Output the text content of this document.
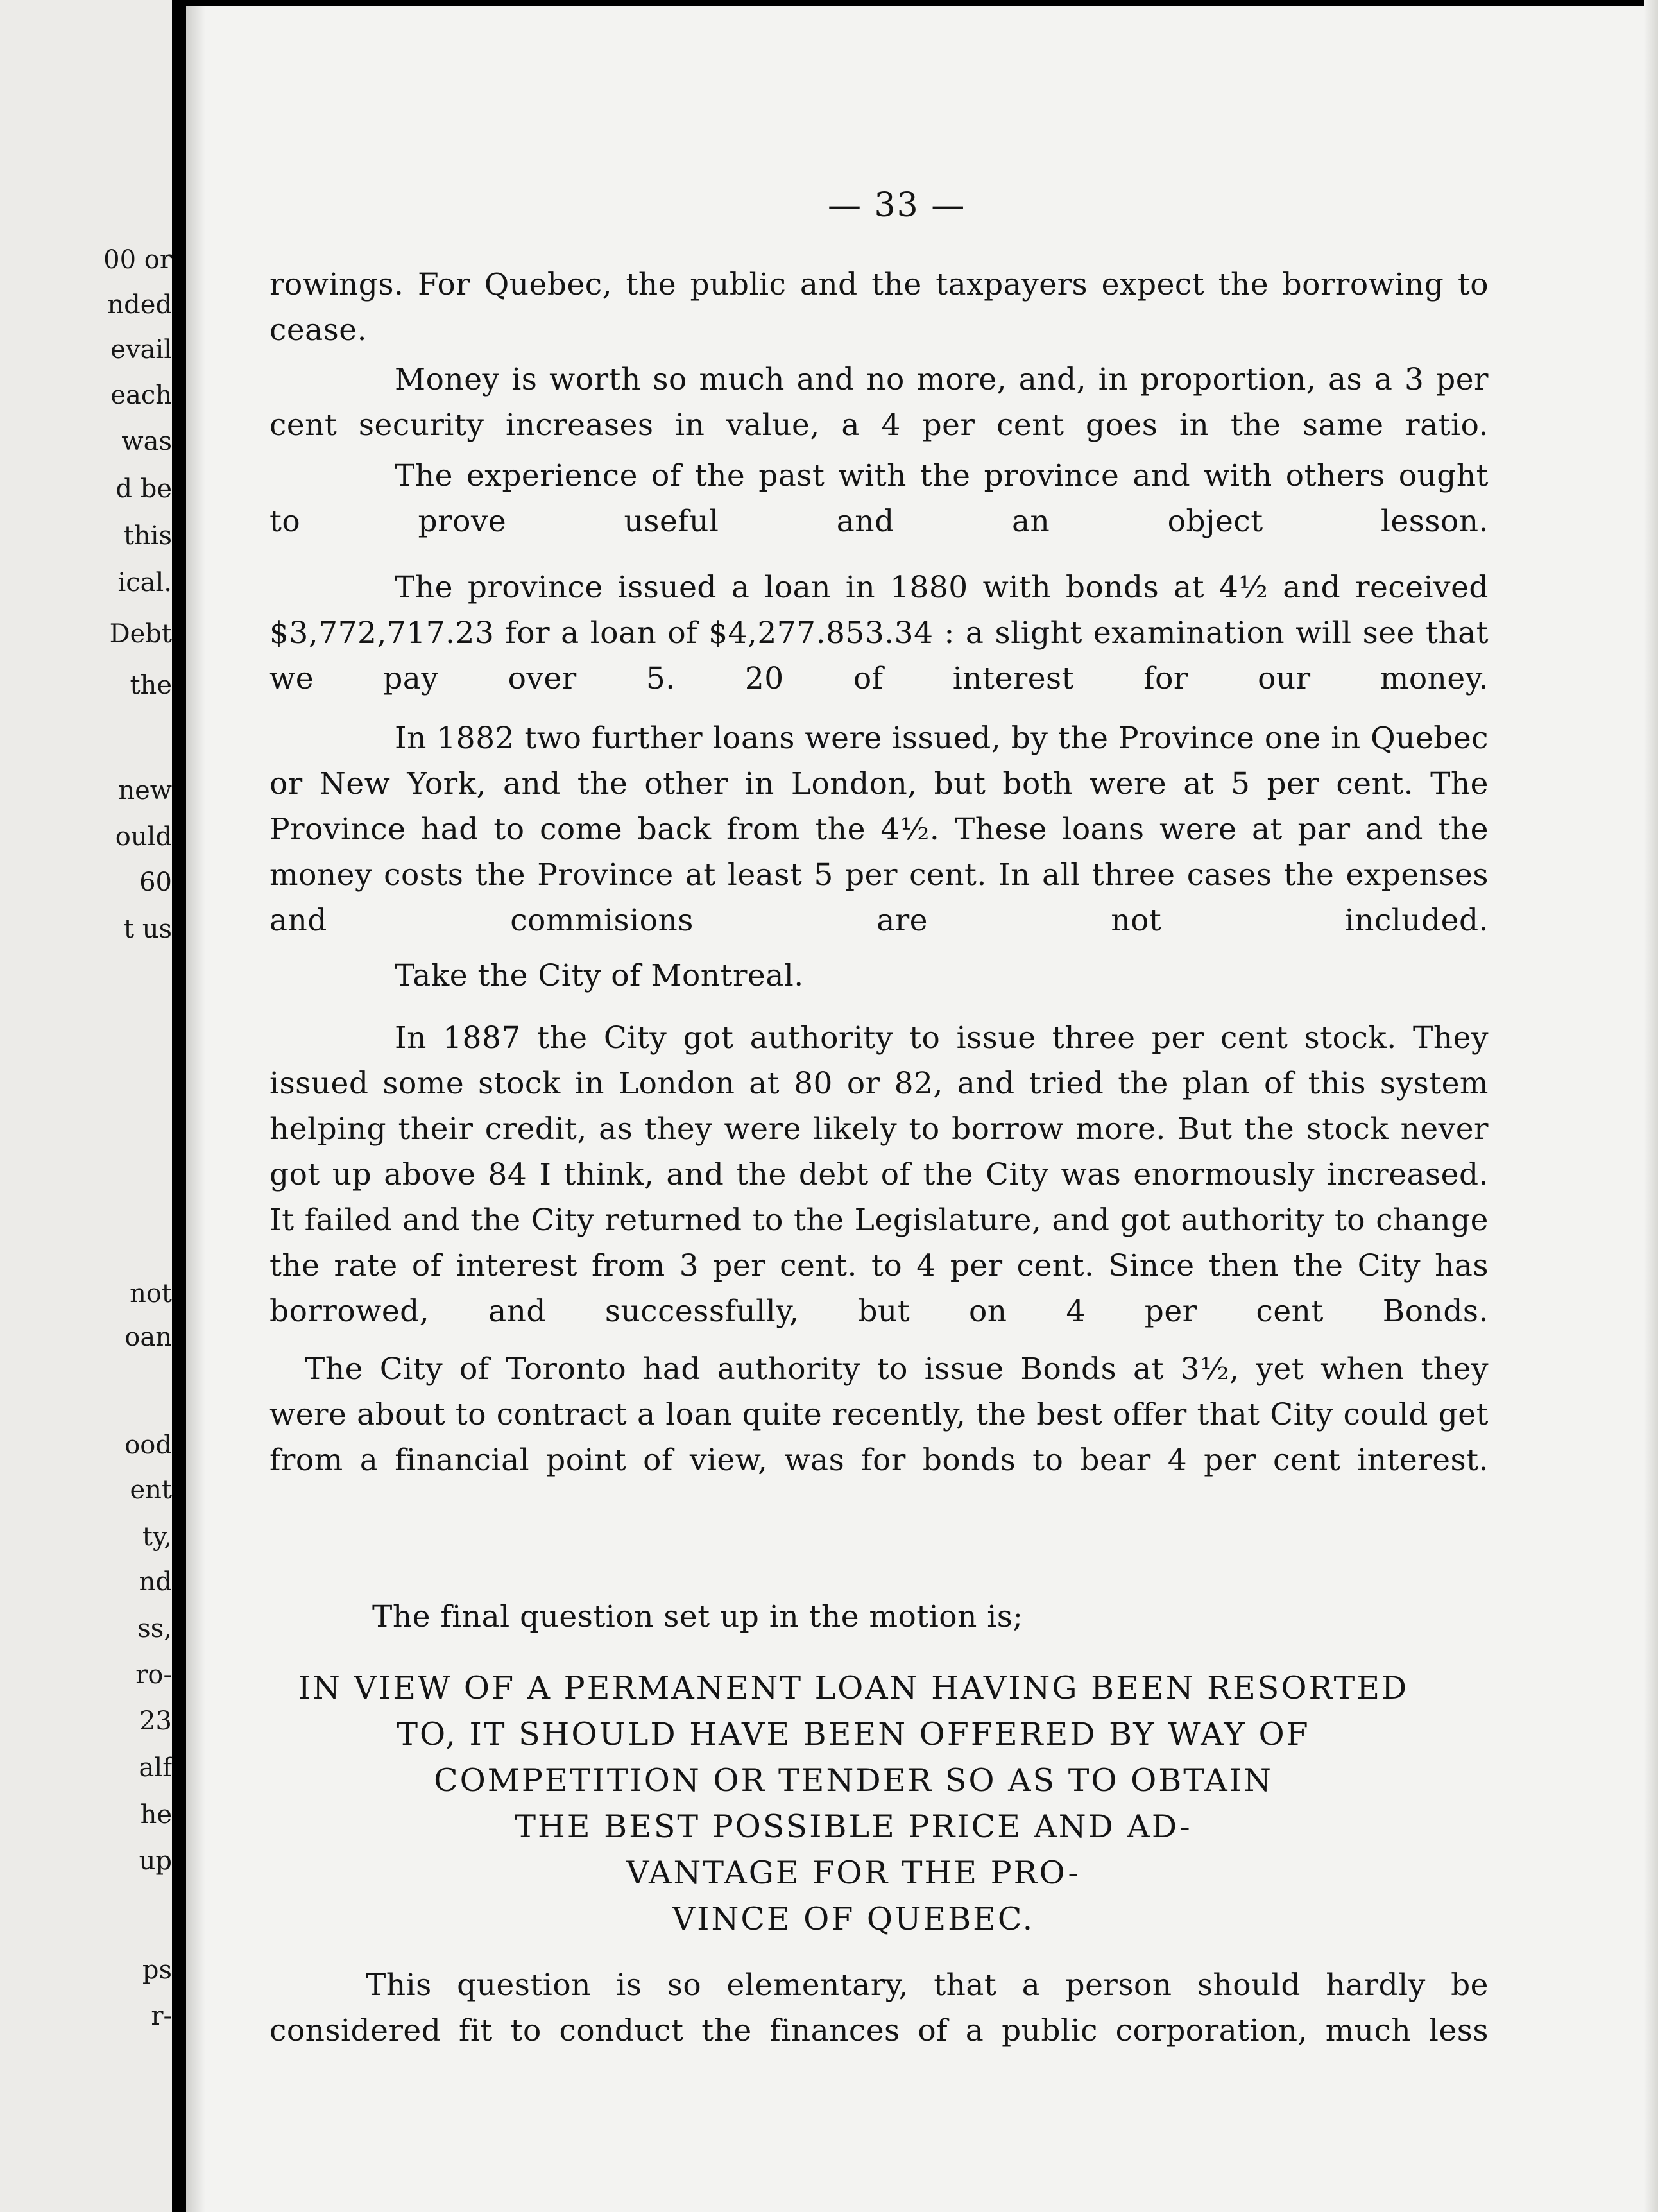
00 or
nded
evail
each
was
d be
this
ical.
Debt
the
new
ould
60
t us
not
oan
ood
ent
ty,
nd
ss,
ro-
23
alf
he
up
ps
r-
— 33 —

rowings. For Quebec, the public and the taxpayers expect the borrowing to cease.

Money is worth so much and no more, and, in proportion, as a 3 per cent security increases in value, a 4 per cent goes in the same ratio.

The experience of the past with the province and with others ought to prove useful and an object lesson.

The province issued a loan in 1880 with bonds at 4½ and received $3,772,717.23 for a loan of $4,277.853.34 : a slight examination will see that we pay over 5. 20 of interest for our money.

In 1882 two further loans were issued, by the Province one in Quebec or New York, and the other in London, but both were at 5 per cent. The Province had to come back from the 4½. These loans were at par and the money costs the Province at least 5 per cent. In all three cases the expenses and commisions are not included.

Take the City of Montreal.

In 1887 the City got authority to issue three per cent stock. They issued some stock in London at 80 or 82, and tried the plan of this system helping their credit, as they were likely to borrow more. But the stock never got up above 84 I think, and the debt of the City was enormously increased. It failed and the City returned to the Legislature, and got authority to change the rate of interest from 3 per cent. to 4 per cent. Since then the City has borrowed, and successfully, but on 4 per cent Bonds.

The City of Toronto had authority to issue Bonds at 3½, yet when they were about to contract a loan quite recently, the best offer that City could get from a financial point of view, was for bonds to bear 4 per cent interest.

The final question set up in the motion is;

IN VIEW OF A PERMANENT LOAN HAVING BEEN RESORTED
TO, IT SHOULD HAVE BEEN OFFERED BY WAY OF
COMPETITION OR TENDER SO AS TO OBTAIN
THE BEST POSSIBLE PRICE AND AD-
VANTAGE FOR THE PRO-
VINCE OF QUEBEC.

This question is so elementary, that a person should hardly be considered fit to conduct the finances of a public corporation, much less
